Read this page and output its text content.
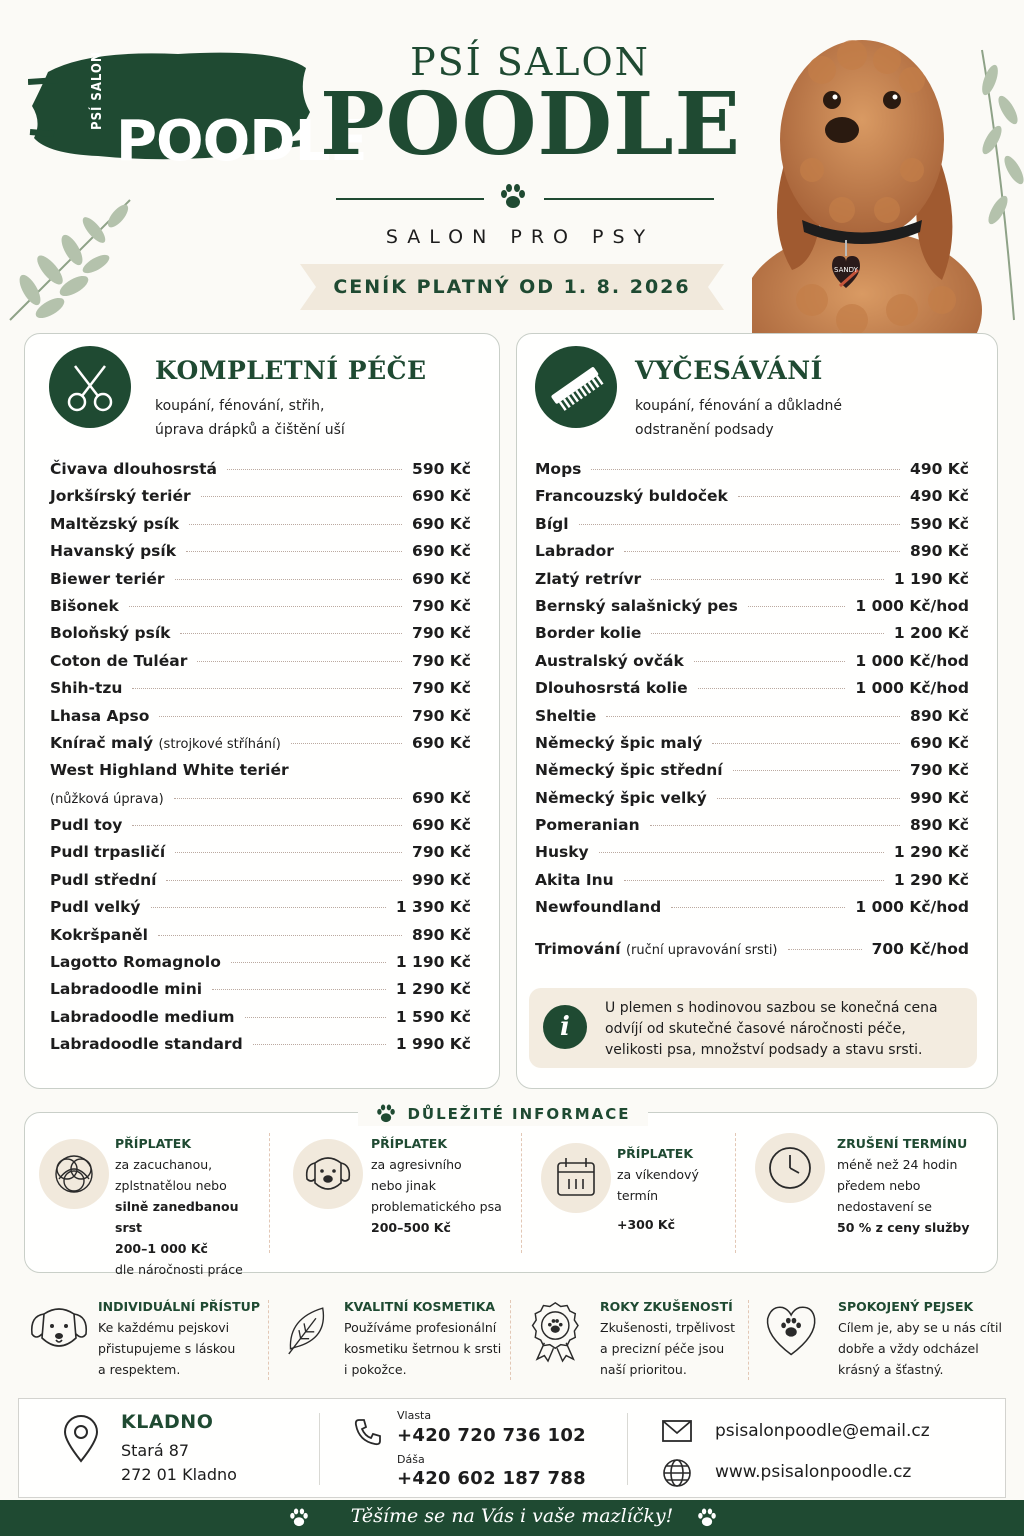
PSÍ SALON
POODLE
PSÍ SALON
POODLE
SALON PRO PSY
CENÍK PLATNÝ OD 1. 8. 2026
SANDY
KOMPLETNÍ PÉČE
koupání, fénování, střih,
úprava drápků a čištění uší
Čivava dlouhosrstá	590 Kč
Jorkšírský teriér	690 Kč
Maltězský psík	690 Kč
Havanský psík	690 Kč
Biewer teriér	690 Kč
Bišonek	790 Kč
Boloňský psík	790 Kč
Coton de Tuléar	790 Kč
Shih-tzu	790 Kč
Lhasa Apso	790 Kč
Knírač malý (strojkové stříhání)	690 Kč
West Highland White teriér
(nůžková úprava)	690 Kč
Pudl toy	690 Kč
Pudl trpasličí	790 Kč
Pudl střední	990 Kč
Pudl velký	1 390 Kč
Kokršpaněl	890 Kč
Lagotto Romagnolo	1 190 Kč
Labradoodle mini	1 290 Kč
Labradoodle medium	1 590 Kč
Labradoodle standard	1 990 Kč
VYČESÁVÁNÍ
koupání, fénování a důkladné
odstranění podsady
Mops	490 Kč
Francouzský buldoček	490 Kč
Bígl	590 Kč
Labrador	890 Kč
Zlatý retrívr	1 190 Kč
Bernský salašnický pes	1 000 Kč/hod
Border kolie	1 200 Kč
Australský ovčák	1 000 Kč/hod
Dlouhosrstá kolie	1 000 Kč/hod
Sheltie	890 Kč
Německý špic malý	690 Kč
Německý špic střední	790 Kč
Německý špic velký	990 Kč
Pomeranian	890 Kč
Husky	1 290 Kč
Akita Inu	1 290 Kč
Newfoundland	1 000 Kč/hod
Trimování (ruční upravování srsti)	700 Kč/hod
i
U plemen s hodinovou sazbou se konečná cena odvíjí od skutečné časové náročnosti péče, velikosti psa, množství podsady a stavu srsti.
PŘÍPLATEK
za zacuchanou,
zplstnatělou nebo
silně zanedbanou srst
200–1 000 Kč
dle náročnosti práce
PŘÍPLATEK
za agresivního
nebo jinak
problematického psa
200–500 Kč
PŘÍPLATEK
za víkendový
termín
+300 Kč
ZRUŠENÍ TERMÍNU
méně než 24 hodin
předem nebo
nedostavení se
50 % z ceny služby
DŮLEŽITÉ INFORMACE
INDIVIDUÁLNÍ PŘÍSTUP
Ke každému pejskovi
přistupujeme s láskou
a respektem.
KVALITNÍ KOSMETIKA
Používáme profesionální
kosmetiku šetrnou k srsti
i pokožce.
ROKY ZKUŠENOSTÍ
Zkušenosti, trpělivost
a precizní péče jsou
naší prioritou.
SPOKOJENÝ PEJSEK
Cílem je, aby se u nás cítil
dobře a vždy odcházel
krásný a šťastný.
KLADNO
Stará 87
272 01 Kladno
Vlasta
+420 720 736 102
Dáša
+420 602 187 788
psisalonpoodle@email.cz
www.psisalonpoodle.cz
Těšíme se na Vás i vaše mazlíčky!
